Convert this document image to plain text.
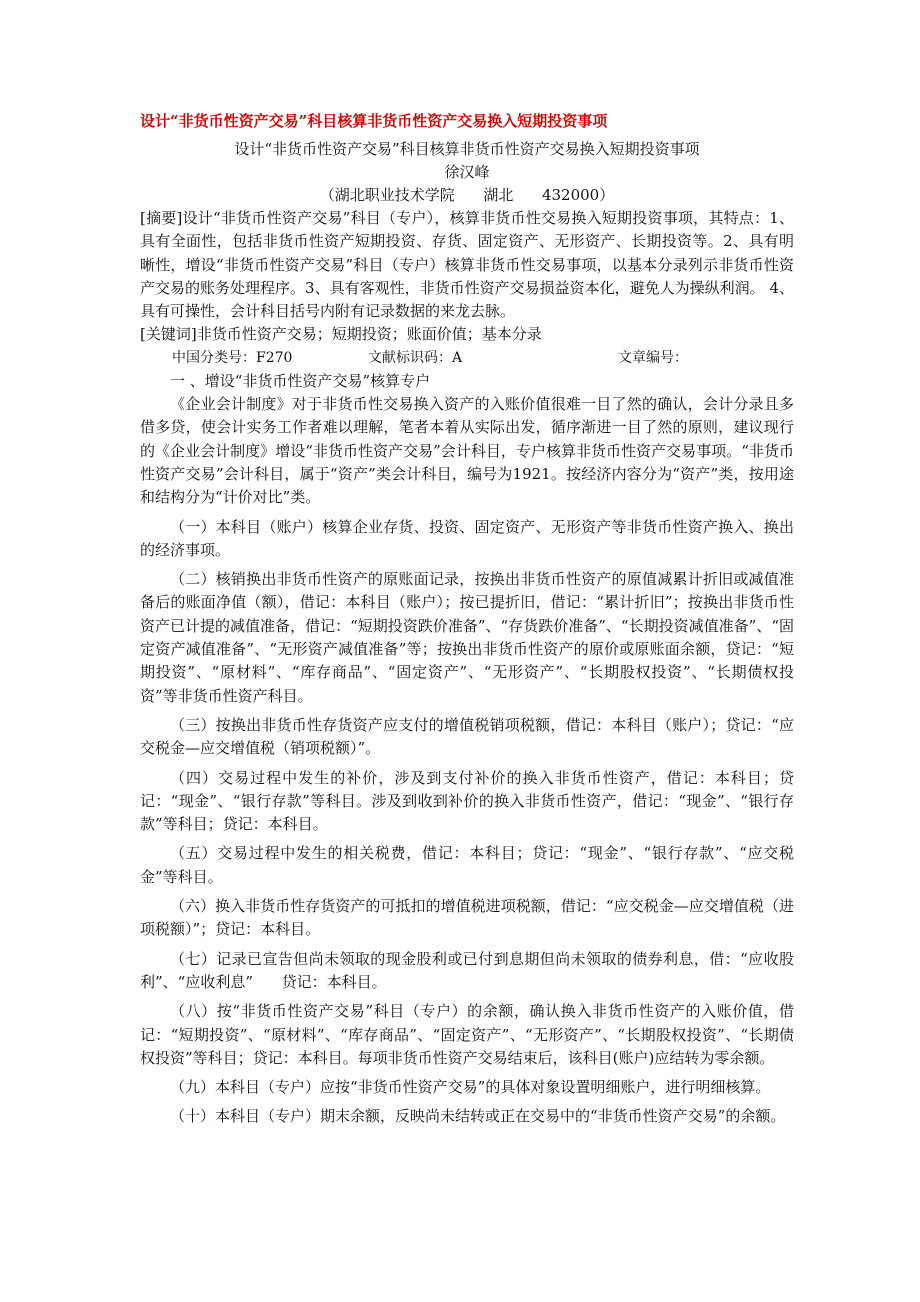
设计“非货币性资产交易”科目核算非货币性资产交易换入短期投资事项
设计“非货币性资产交易”科目核算非货币性资产交易换入短期投资事项
徐汉峰
（湖北职业技术学院      湖北      432000）

[摘要]设计“非货币性资产交易”科目（专户），核算非货币性交易换入短期投资事项，其特点：1、具有全面性，包括非货币性资产短期投资、存货、固定资产、无形资产、长期投资等。2、具有明晰性，增设“非货币性资产交易”科目（专户）核算非货币性交易事项，以基本分录列示非货币性资产交易的账务处理程序。3、具有客观性，非货币性资产交易损益资本化，避免人为操纵利润。 4、具有可操性，会计科目括号内附有记录数据的来龙去脉。

[关键词]非货币性资产交易；短期投资；账面价值；基本分录

中国分类号：F270	文献标识码：A	文章编号：

一 、增设“非货币性资产交易”核算专户

《企业会计制度》对于非货币性交易换入资产的入账价值很难一目了然的确认，会计分录且多借多贷，使会计实务工作者难以理解，笔者本着从实际出发，循序渐进一目了然的原则，建议现行的《企业会计制度》增设“非货币性资产交易”会计科目，专户核算非货币性资产交易事项。“非货币性资产交易”会计科目，属于“资产”类会计科目，编号为1921。按经济内容分为“资产”类，按用途和结构分为“计价对比”类。

（一）本科目（账户）核算企业存货、投资、固定资产、无形资产等非货币性资产换入、换出的经济事项。

（二）核销换出非货币性资产的原账面记录，按换出非货币性资产的原值减累计折旧或减值准备后的账面净值（额），借记：本科目（账户）；按已提折旧，借记：“累计折旧”；按换出非货币性资产已计提的减值准备，借记：“短期投资跌价准备”、“存货跌价准备”、“长期投资减值准备”、“固定资产减值准备”、“无形资产减值准备”等；按换出非货币性资产的原价或原账面余额，贷记：“短期投资”、“原材料”、“库存商品”、“固定资产”、“无形资产”、“长期股权投资”、“长期债权投资”等非货币性资产科目。

（三）按换出非货币性存货资产应支付的增值税销项税额，借记：本科目（账户）；贷记：“应交税金—应交增值税（销项税额）”。

（四）交易过程中发生的补价，涉及到支付补价的换入非货币性资产，借记：本科目；贷记：“现金”、“银行存款”等科目。涉及到收到补价的换入非货币性资产，借记：“现金”、“银行存款”等科目；贷记：本科目。

（五）交易过程中发生的相关税费，借记：本科目；贷记：“现金”、“银行存款”、“应交税金”等科目。

（六）换入非货币性存货资产的可抵扣的增值税进项税额，借记：“应交税金—应交增值税（进项税额）”；贷记：本科目。

（七）记录已宣告但尚未领取的现金股利或已付到息期但尚未领取的债券利息，借：“应收股利”、“应收利息”      贷记：本科目。

（八）按“非货币性资产交易”科目（专户）的余额，确认换入非货币性资产的入账价值，借记：“短期投资”、“原材料”、“库存商品”、“固定资产”、“无形资产”、“长期股权投资”、“长期债权投资”等科目；贷记：本科目。每项非货币性资产交易结束后，该科目(账户)应结转为零余额。

（九）本科目（专户）应按“非货币性资产交易”的具体对象设置明细账户，进行明细核算。

（十）本科目（专户）期末余额，反映尚未结转或正在交易中的“非货币性资产交易”的余额。
